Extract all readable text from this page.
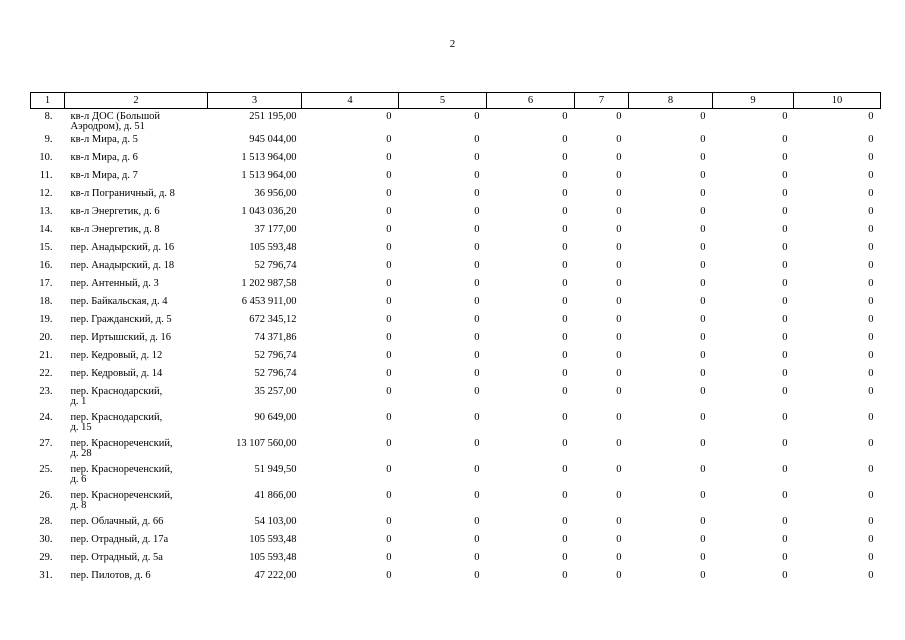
2
1	2	3	4	5	6	7	8	9	10
8.	кв-л ДОС (Большой
Аэродром), д. 51	251 195,00	0	0	0	0	0	0	0
9.	кв-л Мира, д. 5	945 044,00	0	0	0	0	0	0	0
10.	кв-л Мира, д. 6	1 513 964,00	0	0	0	0	0	0	0
11.	кв-л Мира, д. 7	1 513 964,00	0	0	0	0	0	0	0
12.	кв-л Пограничный, д. 8	36 956,00	0	0	0	0	0	0	0
13.	кв-л Энергетик, д. 6	1 043 036,20	0	0	0	0	0	0	0
14.	кв-л Энергетик, д. 8	37 177,00	0	0	0	0	0	0	0
15.	пер. Анадырский, д. 16	105 593,48	0	0	0	0	0	0	0
16.	пер. Анадырский, д. 18	52 796,74	0	0	0	0	0	0	0
17.	пер. Антенный, д. 3	1 202 987,58	0	0	0	0	0	0	0
18.	пер. Байкальская, д. 4	6 453 911,00	0	0	0	0	0	0	0
19.	пер. Гражданский, д. 5	672 345,12	0	0	0	0	0	0	0
20.	пер. Иртышский, д. 16	74 371,86	0	0	0	0	0	0	0
21.	пер. Кедровый, д. 12	52 796,74	0	0	0	0	0	0	0
22.	пер. Кедровый, д. 14	52 796,74	0	0	0	0	0	0	0
23.	пер. Краснодарский,
д. 1	35 257,00	0	0	0	0	0	0	0
24.	пер. Краснодарский,
д. 15	90 649,00	0	0	0	0	0	0	0
27.	пер. Краснореченский,
д. 28	13 107 560,00	0	0	0	0	0	0	0
25.	пер. Краснореченский,
д. 6	51 949,50	0	0	0	0	0	0	0
26.	пер. Краснореченский,
д. 8	41 866,00	0	0	0	0	0	0	0
28.	пер. Облачный, д. 66	54 103,00	0	0	0	0	0	0	0
30.	пер. Отрадный, д. 17а	105 593,48	0	0	0	0	0	0	0
29.	пер. Отрадный, д. 5а	105 593,48	0	0	0	0	0	0	0
31.	пер. Пилотов, д. 6	47 222,00	0	0	0	0	0	0	0
